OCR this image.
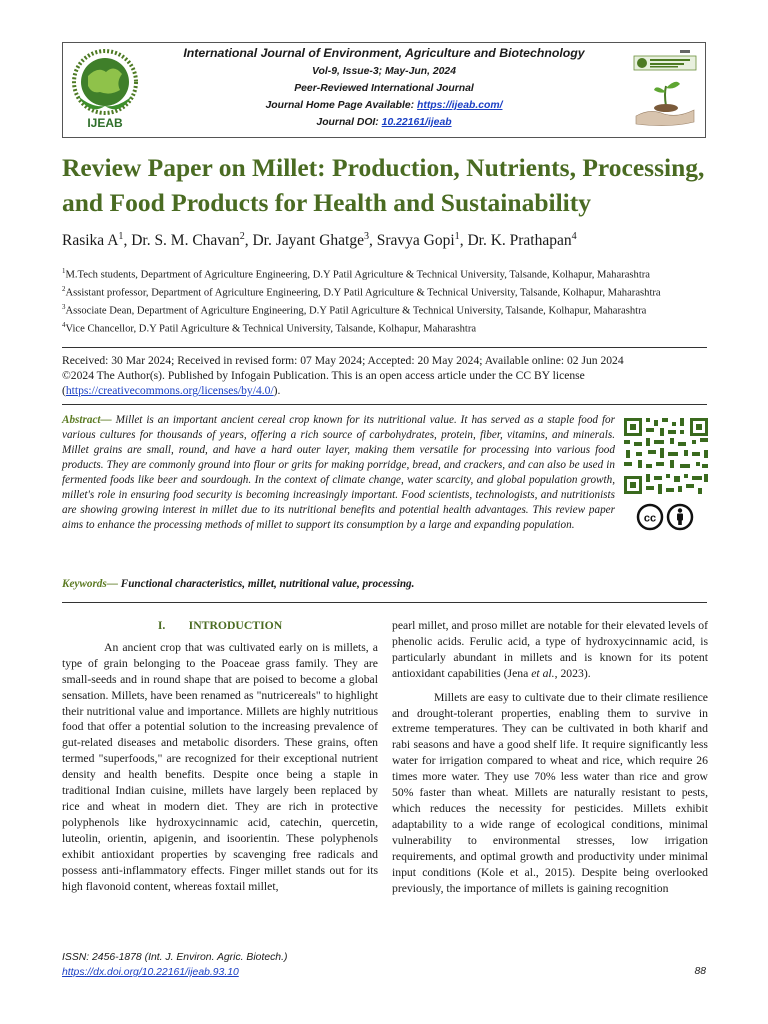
International Journal of Environment, Agriculture and Biotechnology
Vol-9, Issue-3; May-Jun, 2024
Peer-Reviewed International Journal
Journal Home Page Available: https://ijeab.com/
Journal DOI: 10.22161/ijeab
IJEAB
Review Paper on Millet: Production, Nutrients, Processing, and Food Products for Health and Sustainability
Rasika $A^1$, Dr. S. M. Chavan$^2$, Dr. Jayant Ghatge$^3$, Sravya Gopi$^1$, Dr. K. Prathapan$^4$

$^1$M.Tech students, Department of Agriculture Engineering, D.Y Patil Agriculture & Technical University, Talsande, Kolhapur, Maharashtra

$^2$Assistant professor, Department of Agriculture Engineering, D.Y Patil Agriculture & Technical University, Talsande, Kolhapur, Maharashtra

$^3$Associate Dean, Department of Agriculture Engineering, D.Y Patil Agriculture & Technical University, Talsande, Kolhapur, Maharashtra

$^4$Vice Chancellor, D.Y Patil Agriculture & Technical University, Talsande, Kolhapur, Maharashtra

Received: 30 Mar 2024; Received in revised form: 07 May 2024; Accepted: 20 May 2024; Available online: 02 Jun 2024

©2024 The Author(s). Published by Infogain Publication. This is an open access article under the CC BY license

(https://creativecommons.org/licenses/by/4.0/).

Abstract— Millet is an important ancient cereal crop known for its nutritional value. It has served as a staple food for various cultures for thousands of years, offering a rich source of carbohydrates, protein, fiber, vitamins, and minerals. Millet grains are small, round, and have a hard outer layer, making them versatile for processing into various food products. They are commonly ground into flour or grits for making porridge, bread, and crackers, and can also be used in fermented foods like beer and sourdough. In the context of climate change, water scarcity, and global population growth, millet's role in ensuring food security is becoming increasingly important. Food scientists, technologists, and nutritionists are showing growing interest in millet due to its nutritional benefits and potential health advantages. This review paper aims to enhance the processing methods of millet to support its consumption by a large and expanding population.
cc
Keywords— Functional characteristics, millet, nutritional value, processing.

I. INTRODUCTION

An ancient crop that was cultivated early on is millets, a type of grain belonging to the Poaceae grass family. They are small-seeds and in round shape that are poised to become a global sensation. Millets, have been renamed as "nutricereals" to highlight their nutritional value and importance. Millets are highly nutritious food that offer a potential solution to the increasing prevalence of gut-related diseases and metabolic disorders. These grains, often termed "superfoods," are recognized for their exceptional nutrient density and health benefits. Despite once being a staple in traditional Indian cuisine, millets have largely been replaced by rice and wheat in modern diet. They are rich in protective polyphenols like hydroxycinnamic acid, catechin, quercetin, luteolin, orientin, apigenin, and isoorientin. These polyphenols exhibit antioxidant properties by scavenging free radicals and possess anti-inflammatory effects. Finger millet stands out for its high flavonoid content, whereas foxtail millet,

pearl millet, and proso millet are notable for their elevated levels of phenolic acids. Ferulic acid, a type of hydroxycinnamic acid, is particularly abundant in millets and is known for its potent antioxidant capabilities (Jena et al., 2023).

Millets are easy to cultivate due to their climate resilience and drought-tolerant properties, enabling them to survive in extreme temperatures. They can be cultivated in both kharif and rabi seasons and have a good shelf life. It require significantly less water for irrigation compared to wheat and rice, which require 26 times more water. They use 70% less water than rice and grow 50% faster than wheat. Millets are naturally resistant to pests, which reduces the necessity for pesticides. Millets exhibit adaptability to a wide range of ecological conditions, minimal vulnerability to environmental stresses, low irrigation requirements, and optimal growth and productivity under minimal input conditions (Kole et al., 2015). Despite being overlooked previously, the importance of millets is gaining recognition

ISSN: 2456-1878 (Int. J. Environ. Agric. Biotech.)
https://dx.doi.org/10.22161/ijeab.93.10	88
